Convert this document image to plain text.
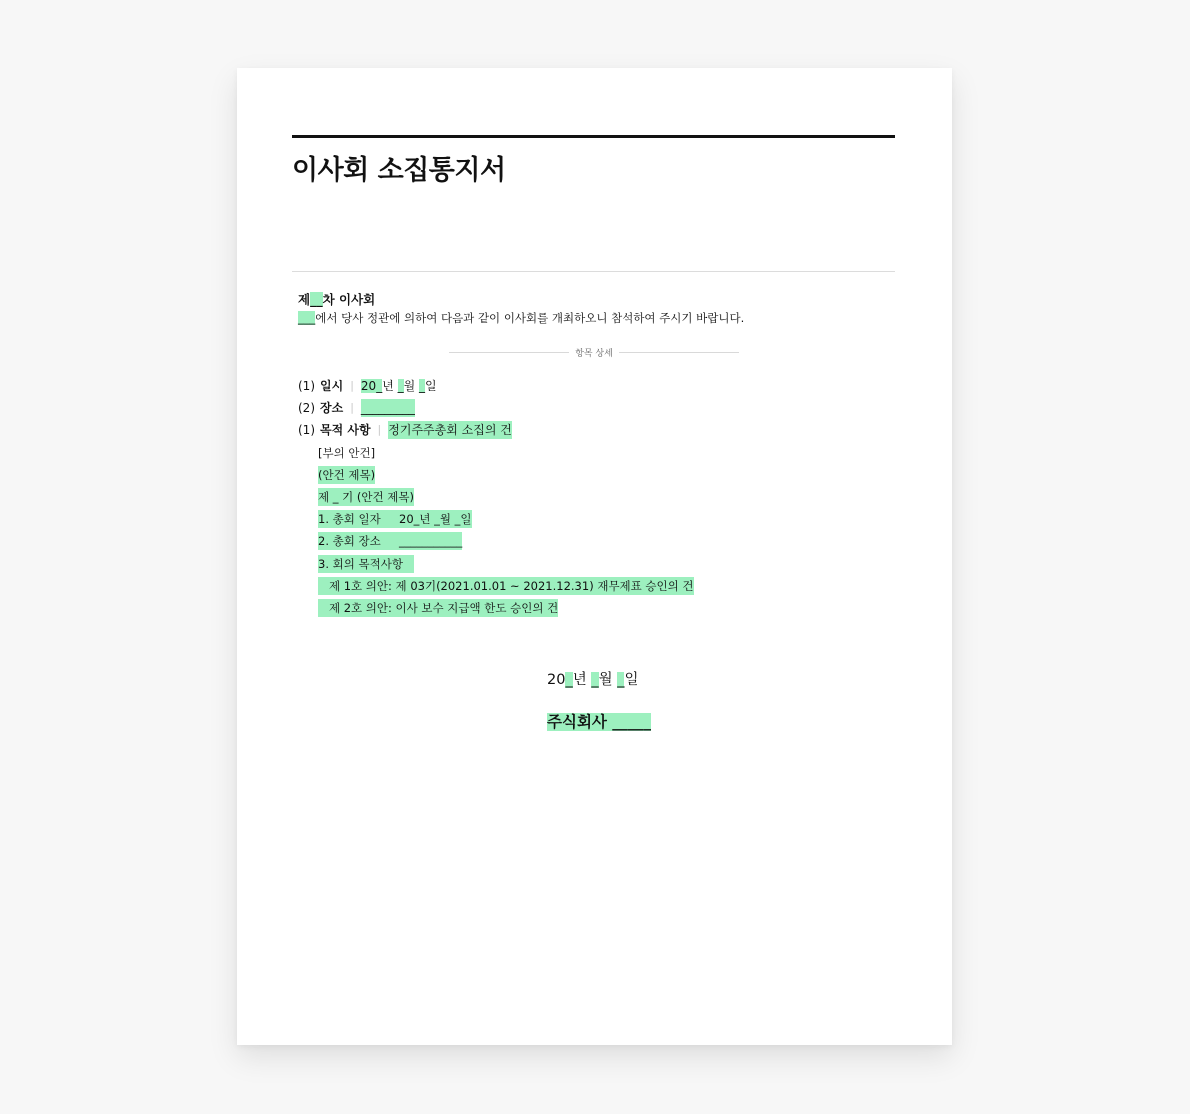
이사회 소집통지서
제__차 이사회
___에서 당사 정관에 의하여 다음과 같이 이사회를 개최하오니 참석하여 주시기 바랍니다.
항목 상세
(1) 일시 | 20_년 _월 _일
(2) 장소 | _________
(1) 목적 사항 | 정기주주총회 소집의 건
[부의 안건]
(안건 제목)
제 _ 기 (안건 제목)
1. 총회 일자     20_년 _월 _일
2. 총회 장소     ___________
3. 회의 목적사항
제 1호 의안: 제 03기(2021.01.01 ~ 2021.12.31) 재무제표 승인의 건
제 2호 의안: 이사 보수 지급액 한도 승인의 건
20_년 _월 _일
주식회사 _____
